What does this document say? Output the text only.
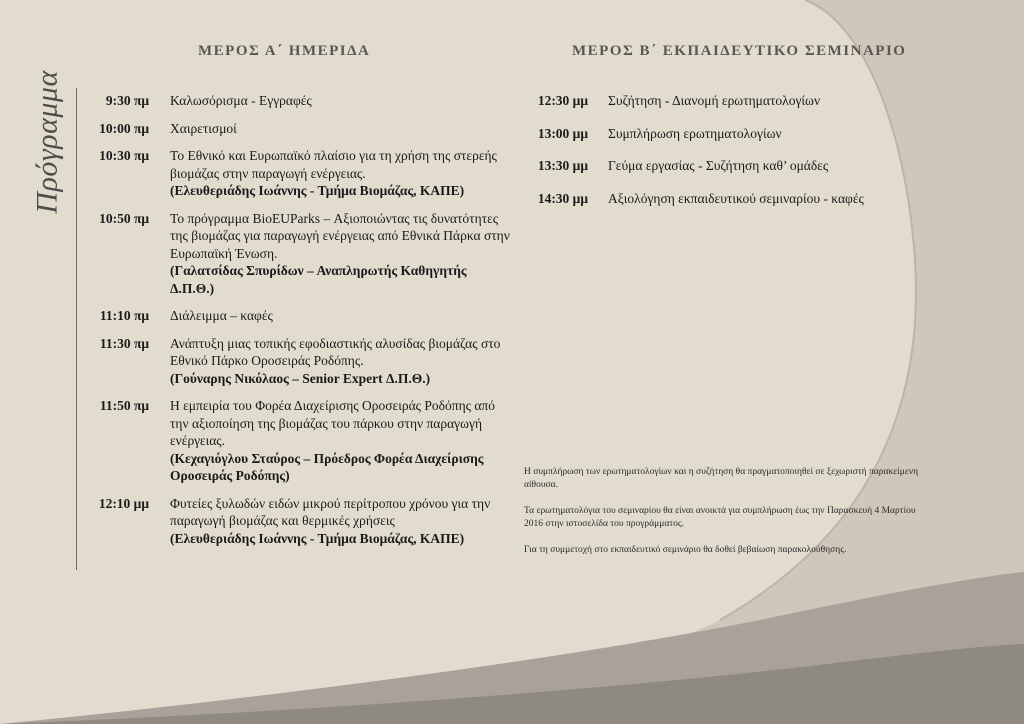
Πρόγραμμα
ΜΕΡΟΣ Α΄ ΗΜΕΡΙΔΑ	ΜΕΡΟΣ Β΄ ΕΚΠΑΙΔΕΥΤΙΚΟ ΣΕΜΙΝΑΡΙΟ
9:30 πμ	Καλωσόρισμα - Εγγραφές
10:00 πμ	Χαιρετισμοί
10:30 πμ	Το Εθνικό και Ευρωπαϊκό πλαίσιο για τη χρήση της στερεής βιομάζας στην παραγωγή ενέργειας.
(Ελευθεριάδης Ιωάννης - Τμήμα Βιομάζας, ΚΑΠΕ)
10:50 πμ	Το πρόγραμμα BioEUParks – Αξιοποιώντας τις δυνατότητες της βιομάζας για παραγωγή ενέργειας από Εθνικά Πάρκα στην Ευρωπαϊκή Ένωση.
(Γαλατσίδας Σπυρίδων – Αναπληρωτής Καθηγητής Δ.Π.Θ.)
11:10 πμ	Διάλειμμα – καφές
11:30 πμ	Ανάπτυξη μιας τοπικής εφοδιαστικής αλυσίδας βιομάζας στο Εθνικό Πάρκο Οροσειράς Ροδόπης.
(Γούναρης Νικόλαος – Senior Expert Δ.Π.Θ.)
11:50 πμ	Η εμπειρία του Φορέα Διαχείρισης Οροσειράς Ροδόπης από την αξιοποίηση της βιομάζας του πάρκου στην παραγωγή ενέργειας.
(Κεχαγιόγλου Σταύρος – Πρόεδρος Φορέα Διαχείρισης Οροσειράς Ροδόπης)
12:10 μμ	Φυτείες ξυλωδών ειδών μικρού περίτροπου χρόνου για την παραγωγή βιομάζας και θερμικές χρήσεις
(Ελευθεριάδης Ιωάννης - Τμήμα Βιομάζας, ΚΑΠΕ)
12:30 μμ	Συζήτηση - Διανομή ερωτηματολογίων
13:00 μμ	Συμπλήρωση ερωτηματολογίων
13:30 μμ	Γεύμα εργασίας - Συζήτηση καθ’ ομάδες
14:30 μμ	Αξιολόγηση εκπαιδευτικού σεμιναρίου - καφές

Η συμπλήρωση των ερωτηματολογίων και η συζήτηση θα πραγματοποιηθεί σε ξεχωριστή παρακείμενη αίθουσα.

Τα ερωτηματολόγια του σεμιναρίου θα είναι ανοικτά για συμπλήρωση έως την Παρασκευή 4 Μαρτίου 2016 στην ιστοσελίδα του προγράμματος.

Για τη συμμετοχή στο εκπαιδευτικό σεμινάριο θα δοθεί βεβαίωση παρακολούθησης.
